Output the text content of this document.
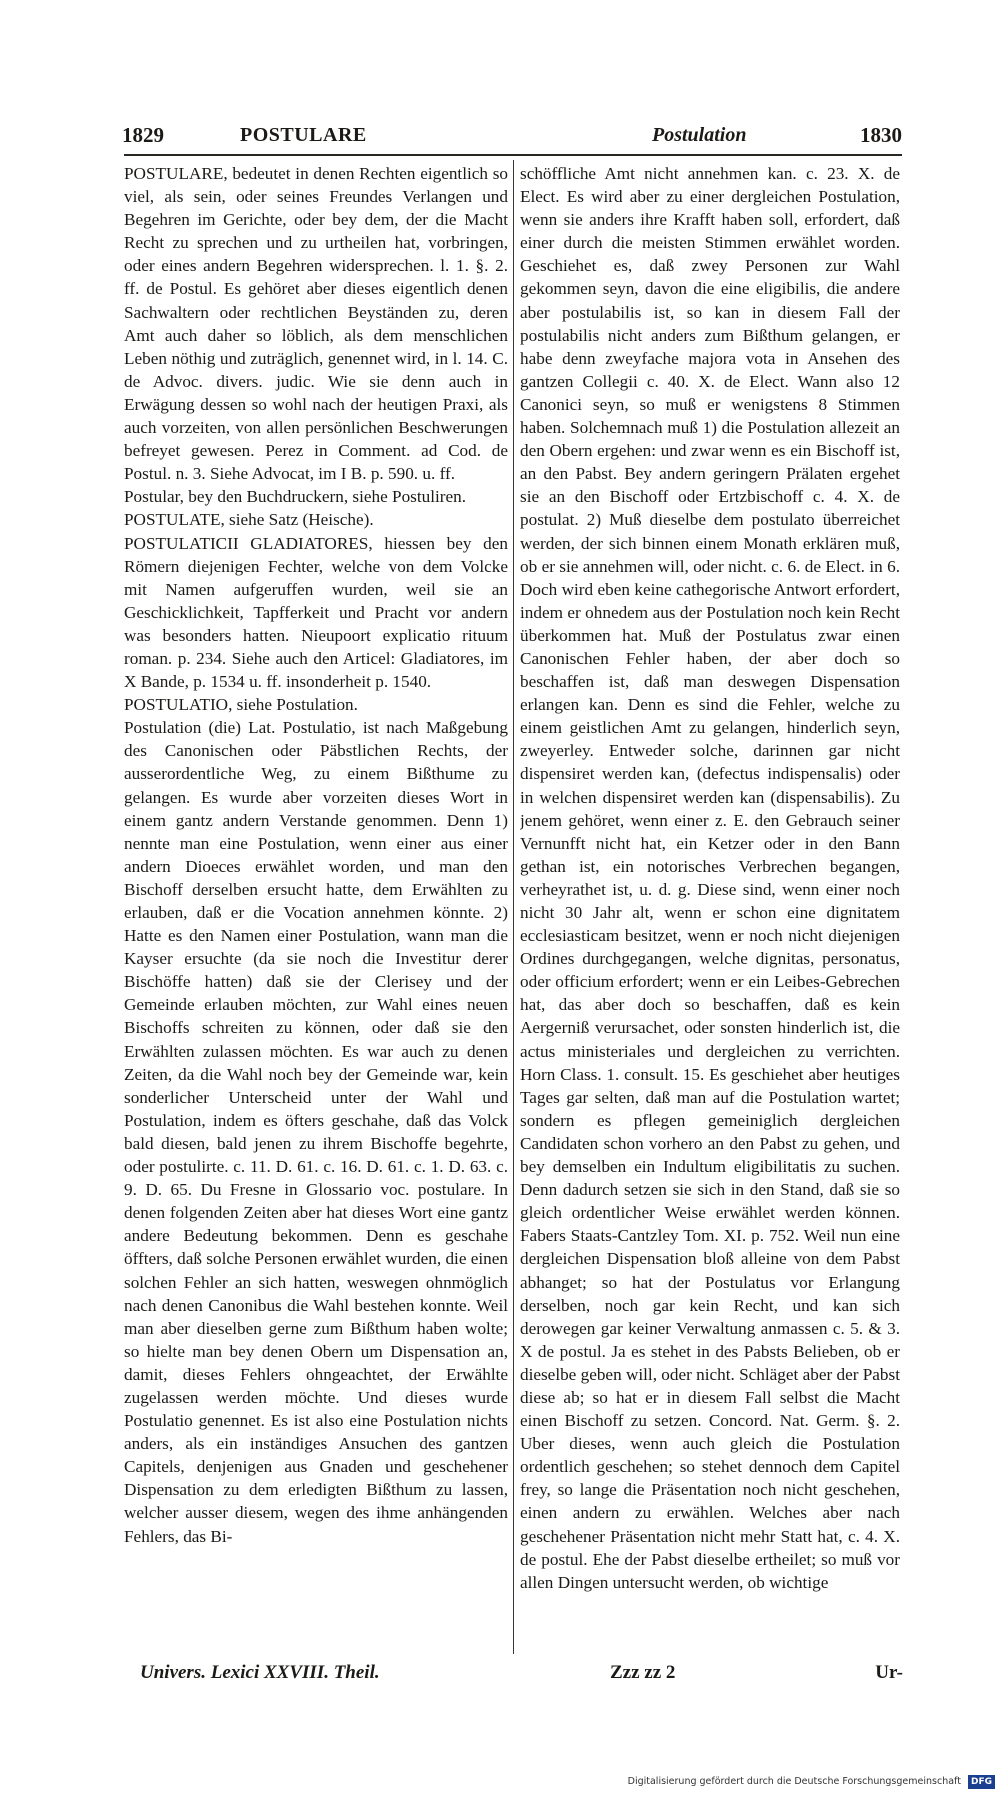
1829	POSTULARE	Postulation	1830

POSTULARE, bedeutet in denen Rechten eigentlich so viel, als sein, oder seines Freundes Verlangen und Begehren im Gerichte, oder bey dem, der die Macht Recht zu sprechen und zu urtheilen hat, vorbringen, oder eines andern Begehren widersprechen. l. 1. §. 2. ff. de Postul. Es gehöret aber dieses eigentlich denen Sachwaltern oder rechtlichen Beyständen zu, deren Amt auch daher so löblich, als dem menschlichen Leben nöthig und zuträglich, genennet wird, in l. 14. C. de Advoc. divers. judic. Wie sie denn auch in Erwägung dessen so wohl nach der heutigen Praxi, als auch vorzeiten, von allen persönlichen Beschwerungen befreyet gewesen. Perez in Comment. ad Cod. de Postul. n. 3. Siehe Advocat, im I B. p. 590. u. ff.

Postular, bey den Buchdruckern, siehe Postuliren.

POSTULATE, siehe Satz (Heische).

POSTULATICII GLADIATORES, hiessen bey den Römern diejenigen Fechter, welche von dem Volcke mit Namen aufgeruffen wurden, weil sie an Geschicklichkeit, Tapfferkeit und Pracht vor andern was besonders hatten. Nieupoort explicatio rituum roman. p. 234. Siehe auch den Articel: Gladiatores, im X Bande, p. 1534 u. ff. insonderheit p. 1540.

POSTULATIO, siehe Postulation.

Postulation (die) Lat. Postulatio, ist nach Maßgebung des Canonischen oder Päbstlichen Rechts, der ausserordentliche Weg, zu einem Bißthume zu gelangen. Es wurde aber vorzeiten dieses Wort in einem gantz andern Verstande genommen. Denn 1) nennte man eine Postulation, wenn einer aus einer andern Dioeces erwählet worden, und man den Bischoff derselben ersucht hatte, dem Erwählten zu erlauben, daß er die Vocation annehmen könnte. 2) Hatte es den Namen einer Postulation, wann man die Kayser ersuchte (da sie noch die Investitur derer Bischöffe hatten) daß sie der Clerisey und der Gemeinde erlauben möchten, zur Wahl eines neuen Bischoffs schreiten zu können, oder daß sie den Erwählten zulassen möchten. Es war auch zu denen Zeiten, da die Wahl noch bey der Gemeinde war, kein sonderlicher Unterscheid unter der Wahl und Postulation, indem es öfters geschahe, daß das Volck bald diesen, bald jenen zu ihrem Bischoffe begehrte, oder postulirte. c. 11. D. 61. c. 16. D. 61. c. 1. D. 63. c. 9. D. 65. Du Fresne in Glossario voc. postulare. In denen folgenden Zeiten aber hat dieses Wort eine gantz andere Bedeutung bekommen. Denn es geschahe öffters, daß solche Personen erwählet wurden, die einen solchen Fehler an sich hatten, weswegen ohnmöglich nach denen Canonibus die Wahl bestehen konnte. Weil man aber dieselben gerne zum Bißthum haben wolte; so hielte man bey denen Obern um Dispensation an, damit, dieses Fehlers ohngeachtet, der Erwählte zugelassen werden möchte. Und dieses wurde Postulatio genennet. Es ist also eine Postulation nichts anders, als ein inständiges Ansuchen des gantzen Capitels, denjenigen aus Gnaden und geschehener Dispensation zu dem erledigten Bißthum zu lassen, welcher ausser diesem, wegen des ihme anhängenden Fehlers, das Bi-

schöffliche Amt nicht annehmen kan. c. 23. X. de Elect. Es wird aber zu einer dergleichen Postulation, wenn sie anders ihre Krafft haben soll, erfordert, daß einer durch die meisten Stimmen erwählet worden. Geschiehet es, daß zwey Personen zur Wahl gekommen seyn, davon die eine eligibilis, die andere aber postulabilis ist, so kan in diesem Fall der postulabilis nicht anders zum Bißthum gelangen, er habe denn zweyfache majora vota in Ansehen des gantzen Collegii c. 40. X. de Elect. Wann also 12 Canonici seyn, so muß er wenigstens 8 Stimmen haben. Solchemnach muß 1) die Postulation allezeit an den Obern ergehen: und zwar wenn es ein Bischoff ist, an den Pabst. Bey andern geringern Prälaten ergehet sie an den Bischoff oder Ertzbischoff c. 4. X. de postulat. 2) Muß dieselbe dem postulato überreichet werden, der sich binnen einem Monath erklären muß, ob er sie annehmen will, oder nicht. c. 6. de Elect. in 6. Doch wird eben keine cathegorische Antwort erfordert, indem er ohnedem aus der Postulation noch kein Recht überkommen hat. Muß der Postulatus zwar einen Canonischen Fehler haben, der aber doch so beschaffen ist, daß man deswegen Dispensation erlangen kan. Denn es sind die Fehler, welche zu einem geistlichen Amt zu gelangen, hinderlich seyn, zweyerley. Entweder solche, darinnen gar nicht dispensiret werden kan, (defectus indispensalis) oder in welchen dispensiret werden kan (dispensabilis). Zu jenem gehöret, wenn einer z. E. den Gebrauch seiner Vernunfft nicht hat, ein Ketzer oder in den Bann gethan ist, ein notorisches Verbrechen begangen, verheyrathet ist, u. d. g. Diese sind, wenn einer noch nicht 30 Jahr alt, wenn er schon eine dignitatem ecclesiasticam besitzet, wenn er noch nicht diejenigen Ordines durchgegangen, welche dignitas, personatus, oder officium erfordert; wenn er ein Leibes-Gebrechen hat, das aber doch so beschaffen, daß es kein Aergerniß verursachet, oder sonsten hinderlich ist, die actus ministeriales und dergleichen zu verrichten. Horn Class. 1. consult. 15. Es geschiehet aber heutiges Tages gar selten, daß man auf die Postulation wartet; sondern es pflegen gemeiniglich dergleichen Candidaten schon vorhero an den Pabst zu gehen, und bey demselben ein Indultum eligibilitatis zu suchen. Denn dadurch setzen sie sich in den Stand, daß sie so gleich ordentlicher Weise erwählet werden können. Fabers Staats-Cantzley Tom. XI. p. 752. Weil nun eine dergleichen Dispensation bloß alleine von dem Pabst abhanget; so hat der Postulatus vor Erlangung derselben, noch gar kein Recht, und kan sich derowegen gar keiner Verwaltung anmassen c. 5. & 3. X de postul. Ja es stehet in des Pabsts Belieben, ob er dieselbe geben will, oder nicht. Schläget aber der Pabst diese ab; so hat er in diesem Fall selbst die Macht einen Bischoff zu setzen. Concord. Nat. Germ. §. 2. Uber dieses, wenn auch gleich die Postulation ordentlich geschehen; so stehet dennoch dem Capitel frey, so lange die Präsentation noch nicht geschehen, einen andern zu erwählen. Welches aber nach geschehener Präsentation nicht mehr Statt hat, c. 4. X. de postul. Ehe der Pabst dieselbe ertheilet; so muß vor allen Dingen untersucht werden, ob wichtige

Univers. Lexici XXVIII. Theil.	Zzz zz 2	Ur-
Digitalisierung gefördert durch die Deutsche Forschungsgemeinschaft DFG
